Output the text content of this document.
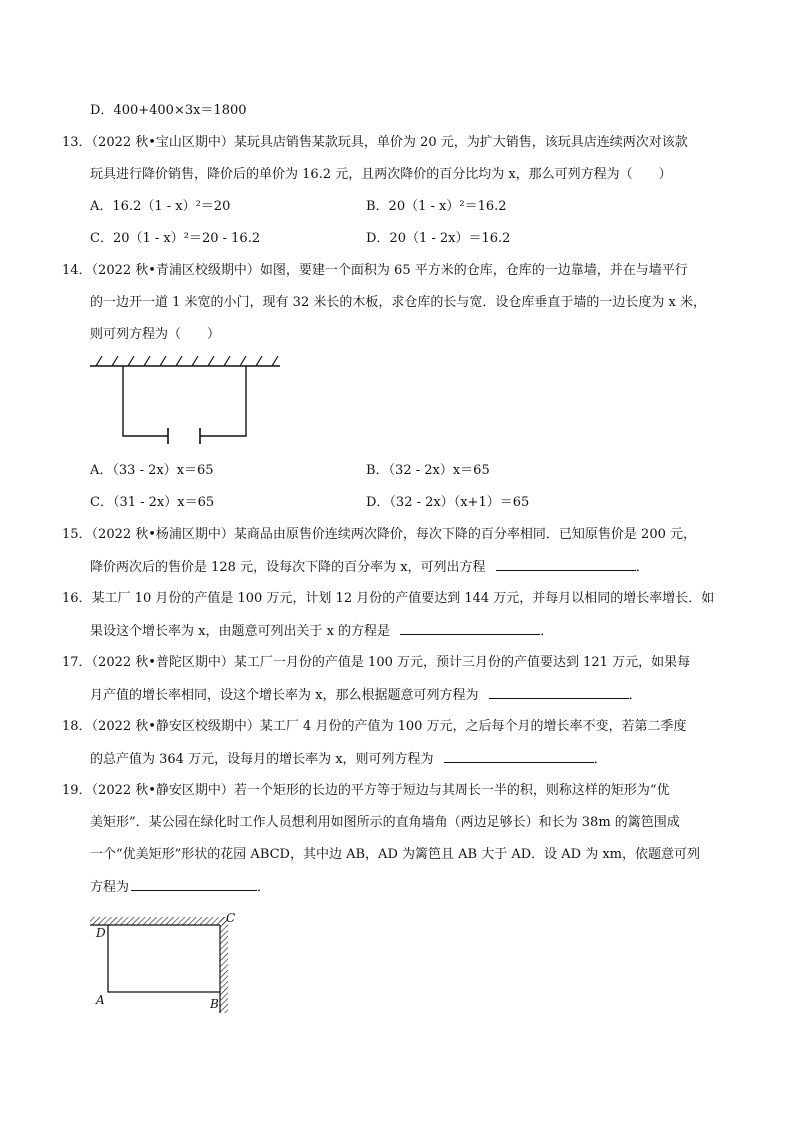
D．400+400×3x＝1800
13．（2022 秋•宝山区期中）某玩具店销售某款玩具，单价为 20 元，为扩大销售，该玩具店连续两次对该款
玩具进行降价销售，降价后的单价为 16.2 元，且两次降价的百分比均为 x，那么可列方程为（　　）
A．16.2（1 - x）²＝20	B．20（1 - x）²＝16.2
C．20（1 - x）²＝20 - 16.2	D．20（1 - 2x）＝16.2
14．（2022 秋•青浦区校级期中）如图，要建一个面积为 65 平方米的仓库，仓库的一边靠墙，并在与墙平行
的一边开一道 1 米宽的小门，现有 32 米长的木板，求仓库的长与宽．设仓库垂直于墙的一边长度为 x 米，
则可列方程为（　　）
A．（33 - 2x）x＝65	B．（32 - 2x）x＝65
C．（31 - 2x）x＝65	D．（32 - 2x）（x+1）＝65
15．（2022 秋•杨浦区期中）某商品由原售价连续两次降价，每次下降的百分率相同．已知原售价是 200 元，
降价两次后的售价是 128 元，设每次下降的百分率为 x，可列出方程	．
16．某工厂 10 月份的产值是 100 万元，计划 12 月份的产值要达到 144 万元，并每月以相同的增长率增长．如
果设这个增长率为 x，由题意可列出关于 x 的方程是	．
17．（2022 秋•普陀区期中）某工厂一月份的产值是 100 万元，预计三月份的产值要达到 121 万元，如果每
月产值的增长率相同，设这个增长率为 x，那么根据题意可列方程为	．
18．（2022 秋•静安区校级期中）某工厂 4 月份的产值为 100 万元，之后每个月的增长率不变，若第二季度
的总产值为 364 万元，设每月的增长率为 x，则可列方程为	．
19．（2022 秋•静安区期中）若一个矩形的长边的平方等于短边与其周长一半的积，则称这样的矩形为“优
美矩形”．某公园在绿化时工作人员想利用如图所示的直角墙角（两边足够长）和长为 38m 的篱笆围成
一个“优美矩形”形状的花园 ABCD，其中边 AB，AD 为篱笆且 AB 大于 AD．设 AD 为 xm，依题意可列
方程为	．
D
C
A	B
